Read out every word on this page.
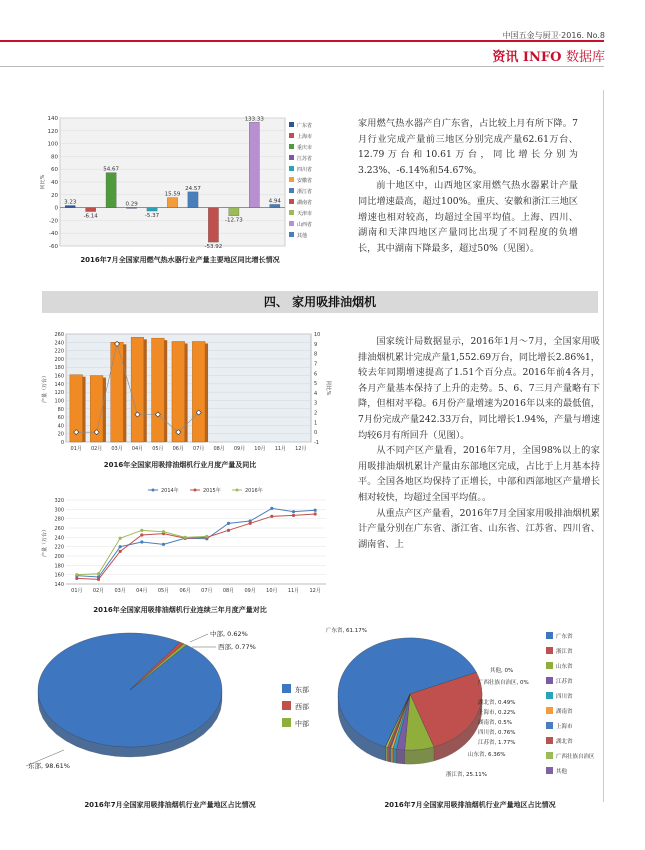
中国五金与厨卫·2016. No.8
资讯 INFO 数据库
-60
-40
-20
0
20
40
60
80
100
120
140
同比%
3.23
-6.14
54.67
0.29
-5.37
15.59
24.57
-53.92
-12.73
133.33
4.94
广东省
上海市
重庆市
江苏省
四川省
安徽省
浙江省
湖南省
天津市
山西省
其他
2016年7月全国家用燃气热水器行业产量主要地区同比增长情况

家用燃气热水器产自广东省，占比较上月有所下降。7月行业完成产量前三地区分别完成产量62.61万台、12.79万台和10.61万台，同比增长分别为3.23%、-6.14%和54.67%。

前十地区中，山西地区家用燃气热水器累计产量同比增速最高，超过100%。重庆、安徽和浙江三地区增速也相对较高，均超过全国平均值。上海、四川、湖南和天津四地区产量同比出现了不同程度的负增长，其中湖南下降最多，超过50%（见图）。

四、 家用吸排油烟机
0
20
40
60
80
100
120
140
160
180
200
220
240
260
-1
0
1
2
3
4
5
6
7
8
9
10
产量（万台）	同比%
01月 02月 03月 04月 05月 06月 07月 08月 09月 10月 11月 12月
2016年全国家用吸排油烟机行业月度产量及同比
2014年	2015年	2016年
140
160
180
200
220
240
260
280
300
320
产量（万台）
01月 02月 03月 04月 05月 06月 07月 08月 09月 10月 11月 12月
2016年全国家用吸排油烟机行业连续三年月度产量对比

国家统计局数据显示，2016年1月～7月，全国家用吸排油烟机累计完成产量1,552.69万台，同比增长2.86%1，较去年同期增速提高了1.51个百分点。2016年前4各月，各月产量基本保持了上升的走势。5、6、7三月产量略有下降，但相对平稳。6月份产量增速为2016年以来的最低值，7月份完成产量242.33万台，同比增长1.94%，产量与增速均较6月有所回升（见图）。

从不同产区产量看，2016年7月，全国98%以上的家用吸排油烟机累计产量由东部地区完成，占比于上月基本持平。全国各地区均保持了正增长，中部和西部地区产量增长相对较快，均超过全国平均值。。

从重点产区产量看，2016年7月全国家用吸排油烟机累计产量分别在广东省、浙江省、山东省、江苏省、四川省、湖南省、上

中部, 0.62%
西部, 0.77%
东部, 98.61%
东部
西部
中部
2016年7月全国家用吸排油烟机行业产量地区占比情况
广东省, 61.17%
浙江省, 25.11%
山东省, 6.36%
江苏省, 1.77%
四川省, 0.76%
湖南省, 0.5%
上海市, 0.22%
湖北省, 0.49%
广西壮族自治区, 0%
其他, 0%
广东省
浙江省
山东省
江苏省
四川省
湖南省
上海市
湖北省
广西壮族自治区
其他
2016年7月全国家用吸排油烟机行业产量地区占比情况
